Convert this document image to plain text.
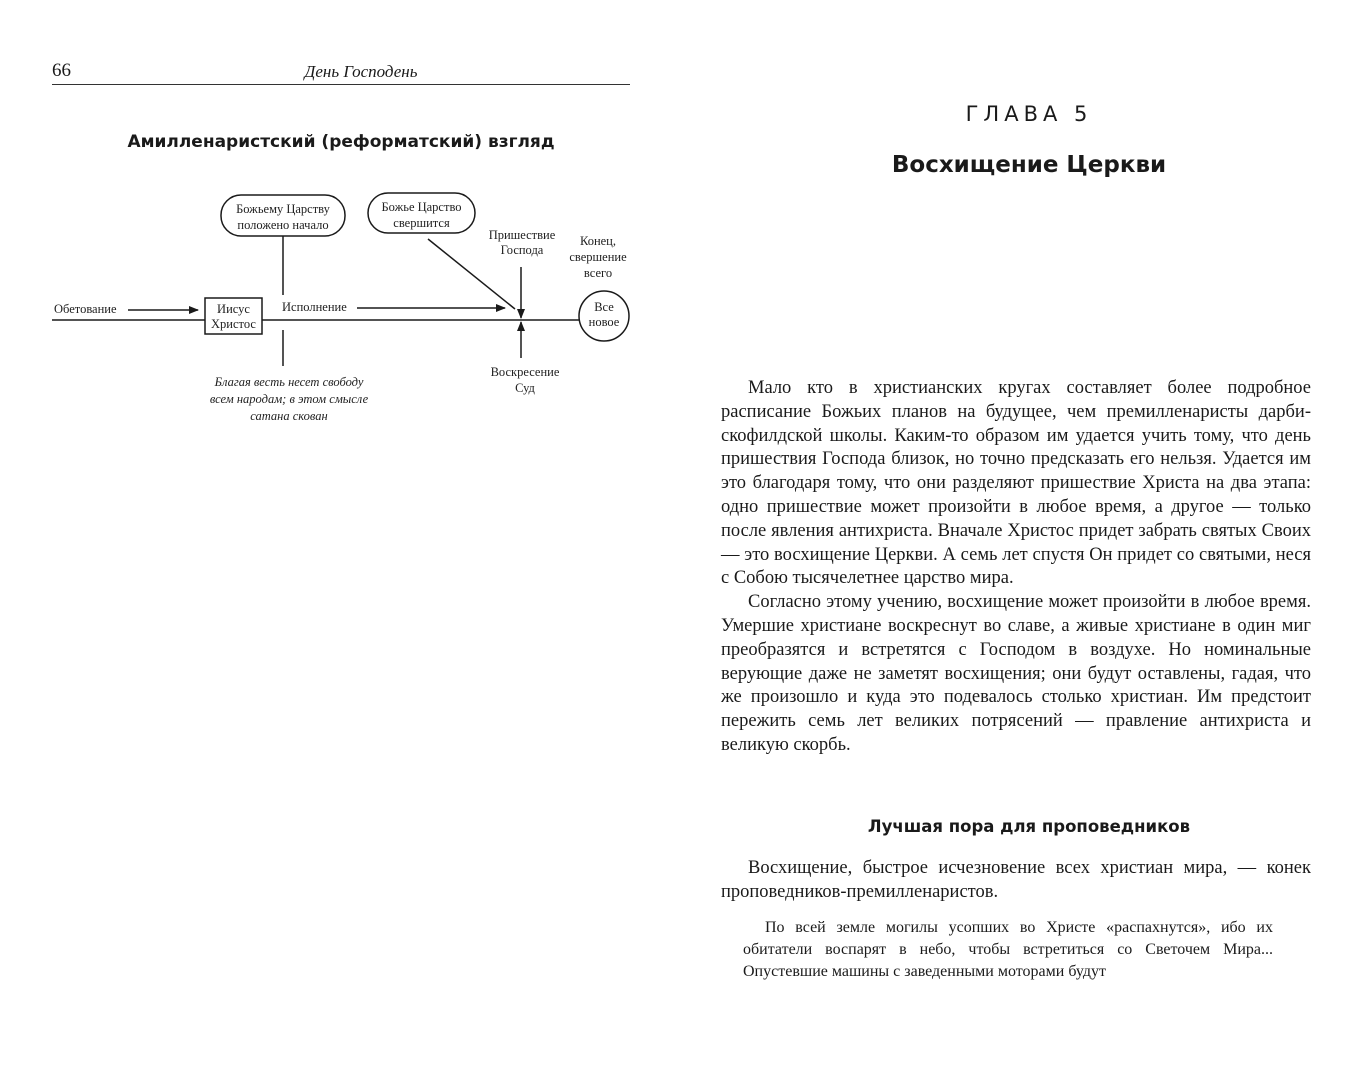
66	День Господень
Амилленаристский (реформатский) взгляд
Обетование	Иисус
Христос
Божьему Царству
положено начало
Исполнение
Божье Царство
свершится
Пришествие
Господа
Воскресение
Суд
Конец,
свершение
всего
Все
новое
Благая весть несет свободу
всем народам; в этом смысле
сатана скован
ГЛАВА 5
Восхищение Церкви

Мало кто в христианских кругах составляет более подробное расписание Божьих планов на будущее, чем премилленаристы дарби-скофилдской школы. Каким-то образом им удается учить тому, что день пришествия Господа близок, но точно предсказать его нельзя. Удается им это благодаря тому, что они разделяют пришествие Христа на два этапа: одно пришествие может произойти в любое время, а другое — только после явления антихриста. Вначале Христос придет забрать святых Своих — это восхищение Церкви. А семь лет спустя Он придет со святыми, неся с Собою тысячелетнее царство мира.

Согласно этому учению, восхищение может произойти в любое время. Умершие христиане воскреснут во славе, а живые христиане в один миг преобразятся и встретятся с Господом в воздухе. Но номинальные верующие даже не заметят восхищения; они будут оставлены, гадая, что же произошло и куда это подевалось столько христиан. Им предстоит пережить семь лет великих потрясений — правление антихриста и великую скорбь.

Лучшая пора для проповедников

Восхищение, быстрое исчезновение всех христиан мира, — конек проповедников-премилленаристов.

По всей земле могилы усопших во Христе «распахнутся», ибо их обитатели воспарят в небо, чтобы встретиться со Светочем Мира... Опустевшие машины с заведенными моторами будут
